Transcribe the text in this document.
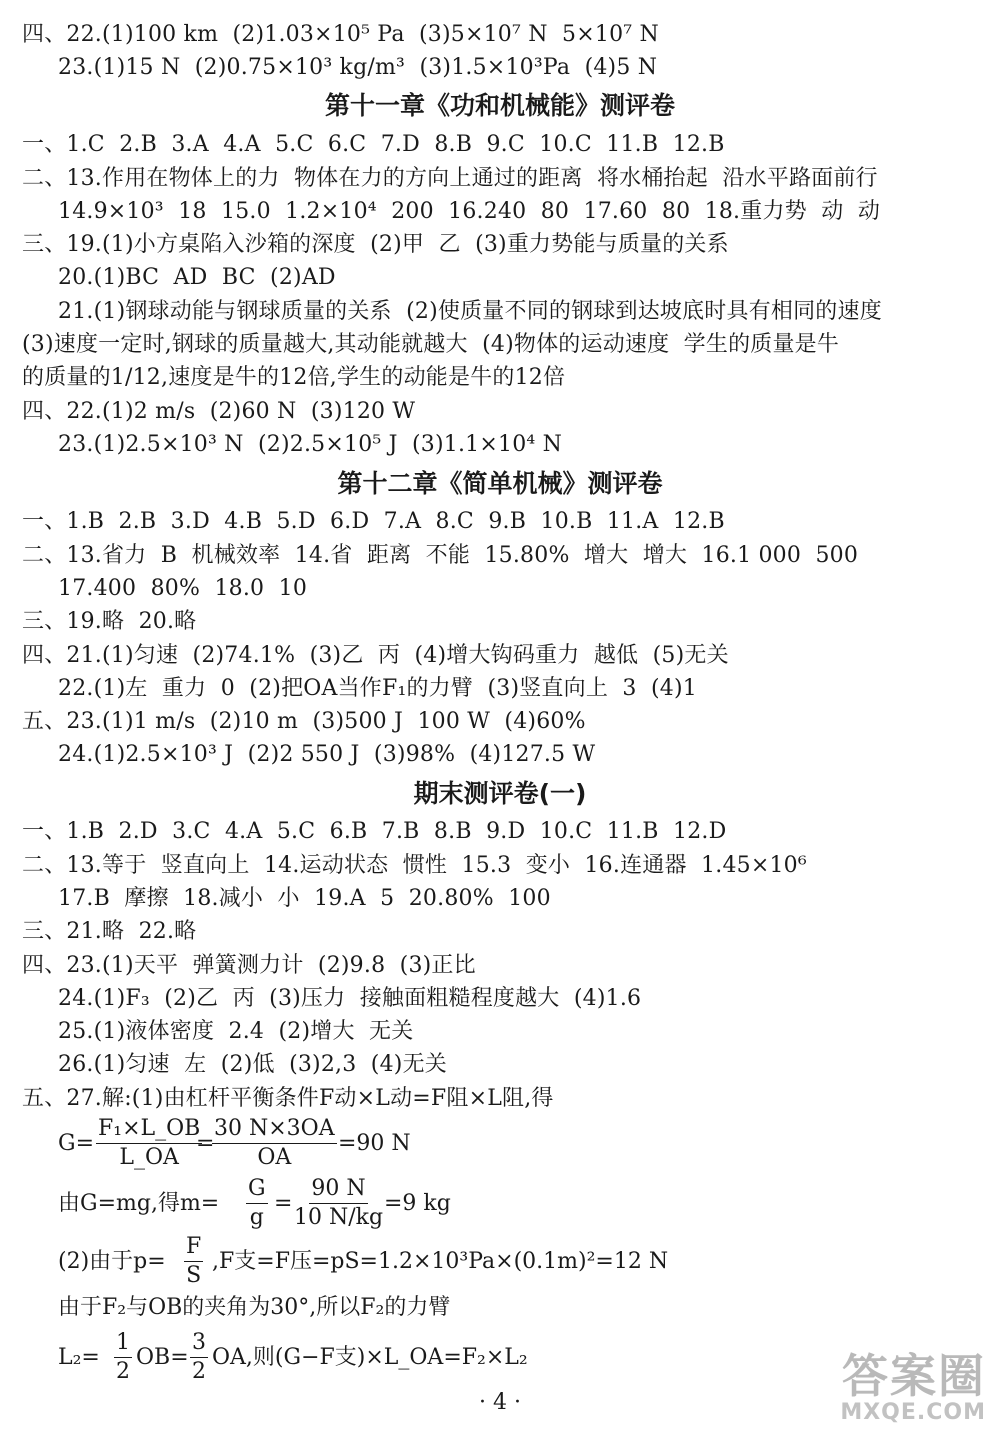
四、22.(1)100 km  (2)1.03×10⁵ Pa  (3)5×10⁷ N  5×10⁷ N
23.(1)15 N  (2)0.75×10³ kg/m³  (3)1.5×10³Pa  (4)5 N
第十一章《功和机械能》测评卷
一、1.C  2.B  3.A  4.A  5.C  6.C  7.D  8.B  9.C  10.C  11.B  12.B
二、13.作用在物体上的力  物体在力的方向上通过的距离  将水桶抬起  沿水平路面前行
14.9×10³  18  15.0  1.2×10⁴  200  16.240  80  17.60  80  18.重力势  动  动
三、19.(1)小方桌陷入沙箱的深度  (2)甲  乙  (3)重力势能与质量的关系
20.(1)BC  AD  BC  (2)AD
21.(1)钢球动能与钢球质量的关系  (2)使质量不同的钢球到达坡底时具有相同的速度
(3)速度一定时,钢球的质量越大,其动能就越大  (4)物体的运动速度  学生的质量是牛
的质量的1/12,速度是牛的12倍,学生的动能是牛的12倍
四、22.(1)2 m/s  (2)60 N  (3)120 W
23.(1)2.5×10³ N  (2)2.5×10⁵ J  (3)1.1×10⁴ N
第十二章《简单机械》测评卷
一、1.B  2.B  3.D  4.B  5.D  6.D  7.A  8.C  9.B  10.B  11.A  12.B
二、13.省力  B  机械效率  14.省  距离  不能  15.80%  增大  增大  16.1 000  500
17.400  80%  18.0  10
三、19.略  20.略
四、21.(1)匀速  (2)74.1%  (3)乙  丙  (4)增大钩码重力  越低  (5)无关
22.(1)左  重力  0  (2)把OA当作F₁的力臂  (3)竖直向上  3  (4)1
五、23.(1)1 m/s  (2)10 m  (3)500 J  100 W  (4)60%
24.(1)2.5×10³ J  (2)2 550 J  (3)98%  (4)127.5 W
期末测评卷(一)
一、1.B  2.D  3.C  4.A  5.C  6.B  7.B  8.B  9.D  10.C  11.B  12.D
二、13.等于  竖直向上  14.运动状态  惯性  15.3  变小  16.连通器  1.45×10⁶
17.B  摩擦  18.减小  小  19.A  5  20.80%  100
三、21.略  22.略
四、23.(1)天平  弹簧测力计  (2)9.8  (3)正比
24.(1)F₃  (2)乙  丙  (3)压力  接触面粗糙程度越大  (4)1.6
25.(1)液体密度  2.4  (2)增大  无关
26.(1)匀速  左  (2)低  (3)2,3  (4)无关
五、27.解:(1)由杠杆平衡条件F动×L动=F阻×L阻,得
$G= \frac{\text{F₁×L\_OB}}{L\_OA}$
=
$\frac{30 N\times 3OA}{OA} =90$ N
由G=mg,得$m= \frac{G}{g} = \frac{90 N}{10 N/kg}$
=9 kg
(2)由于$p= \frac{F}{S} ,F$支=F压=pS=1.2×10³Pa×(0.1m)²=12 N
由于F₂与OB的夹角为30°,所以F₂的力臂
$L_2= \frac{1}{2} OB= \frac{3}{2}$ OA,则(G−F支)×L_OA=F₂×L₂
· 4 ·	答案圈
MXQE.COM
